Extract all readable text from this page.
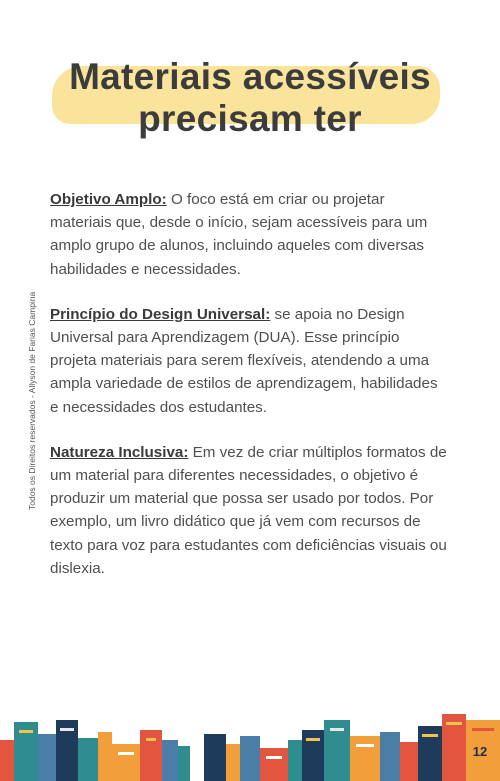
Materiais acessíveis
precisam ter
Todos os Direitos reservados - Allyson de Farias Campina

Objetivo Amplo: O foco está em criar ou projetar materiais que, desde o início, sejam acessíveis para um amplo grupo de alunos, incluindo aqueles com diversas habilidades e necessidades.

Princípio do Design Universal: se apoia no Design Universal para Aprendizagem (DUA). Esse princípio projeta materiais para serem flexíveis, atendendo a uma ampla variedade de estilos de aprendizagem, habilidades e necessidades dos estudantes.

Natureza Inclusiva: Em vez de criar múltiplos formatos de um material para diferentes necessidades, o objetivo é produzir um material que possa ser usado por todos. Por exemplo, um livro didático que já vem com recursos de texto para voz para estudantes com deficiências visuais ou dislexia.

12
